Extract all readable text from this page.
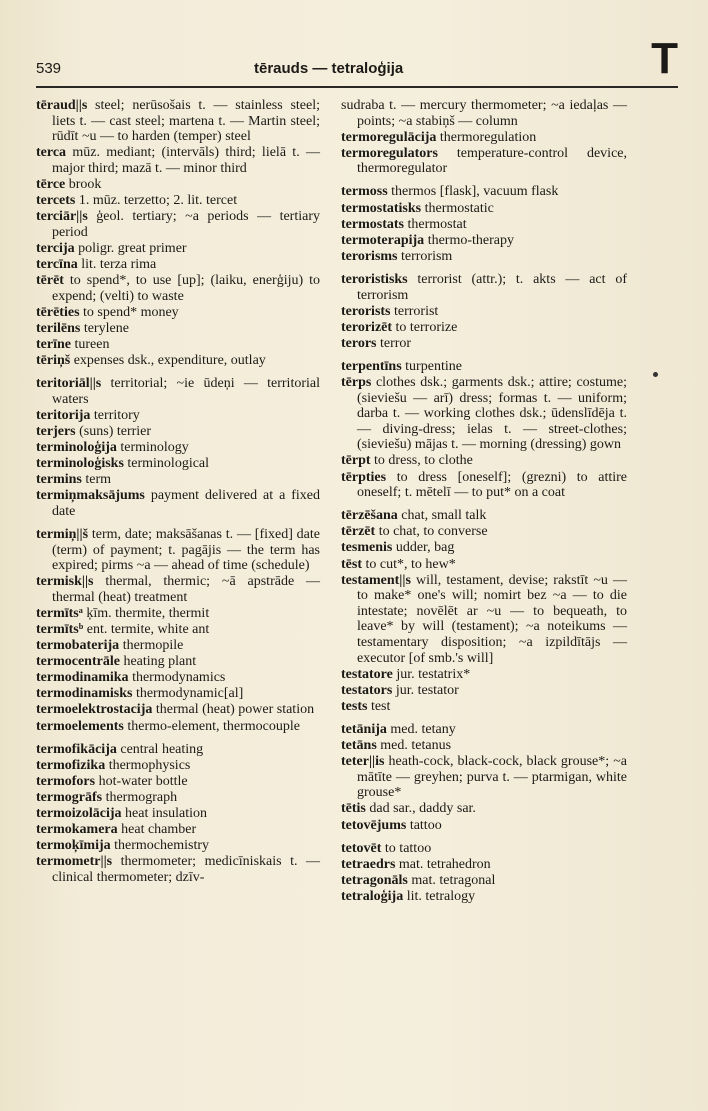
539	tērauds — tetraloģija	T
tēraud||s steel; nerūsošais t. — stainless steel; liets t. — cast steel; martena t. — Martin steel; rūdīt ~u — to harden (temper) steel
terca mūz. mediant; (intervāls) third; lielā t. — major third; mazā t. — minor third
tērce brook
tercets 1. mūz. terzetto; 2. lit. tercet
terciār||s ģeol. tertiary; ~a periods — tertiary period
tercija poligr. great primer
tercīna lit. terza rima
tērēt to spend*, to use [up]; (laiku, enerģiju) to expend; (velti) to waste
tērēties to spend* money
terilēns terylene
terīne tureen
tēriņš expenses dsk., expenditure, outlay
teritoriāl||s territorial; ~ie ūdeņi — territorial waters
teritorija territory
terjers (suns) terrier
terminoloģija terminology
terminoloģisks terminological
termins term
termiņmaksājums payment delivered at a fixed date
termiņ||š term, date; maksāšanas t. — [fixed] date (term) of payment; t. pagājis — the term has expired; pirms ~a — ahead of time (schedule)
termisk||s thermal, thermic; ~ā apstrāde — thermal (heat) treatment
termītsᵃ ķīm. thermite, thermit
termītsᵇ ent. termite, white ant
termobaterija thermopile
termocentrāle heating plant
termodinamika thermodynamics
termodinamisks thermodynamic[al]
termoelektrostacija thermal (heat) power station
termoelements thermo-element, thermocouple
termofikācija central heating
termofizika thermophysics
termofors hot-water bottle
termogrāfs thermograph
termoizolācija heat insulation
termokamera heat chamber
termoķīmija thermochemistry
termometr||s thermometer; medicīniskais t. — clinical thermometer; dzīv-
sudraba t. — mercury thermometer; ~a iedaļas — points; ~a stabiņš — column
termoregulācija thermoregulation
termoregulators temperature-control device, thermoregulator
termoss thermos [flask], vacuum flask
termostatisks thermostatic
termostats thermostat
termoterapija thermo-therapy
terorisms terrorism
teroristisks terrorist (attr.); t. akts — act of terrorism
terorists terrorist
terorizēt to terrorize
terors terror
terpentīns turpentine
tērps clothes dsk.; garments dsk.; attire; costume; (sieviešu — arī) dress; formas t. — uniform; darba t. — working clothes dsk.; ūdenslīdēja t. — diving-dress; ielas t. — street-clothes; (sieviešu) mājas t. — morning (dressing) gown
tērpt to dress, to clothe
tērpties to dress [oneself]; (grezni) to attire oneself; t. mētelī — to put* on a coat
tērzēšana chat, small talk
tērzēt to chat, to converse
tesmenis udder, bag
tēst to cut*, to hew*
testament||s will, testament, devise; rakstīt ~u — to make* one's will; nomirt bez ~a — to die intestate; novēlēt ar ~u — to bequeath, to leave* by will (testament); ~a noteikums — testamentary disposition; ~a izpildītājs — executor [of smb.'s will]
testatore jur. testatrix*
testators jur. testator
tests test
tetānija med. tetany
tetāns med. tetanus
teter||is heath-cock, black-cock, black grouse*; ~a mātīte — greyhen; purva t. — ptarmigan, white grouse*
tētis dad sar., daddy sar.
tetovējums tattoo
tetovēt to tattoo
tetraedrs mat. tetrahedron
tetragonāls mat. tetragonal
tetraloģija lit. tetralogy
